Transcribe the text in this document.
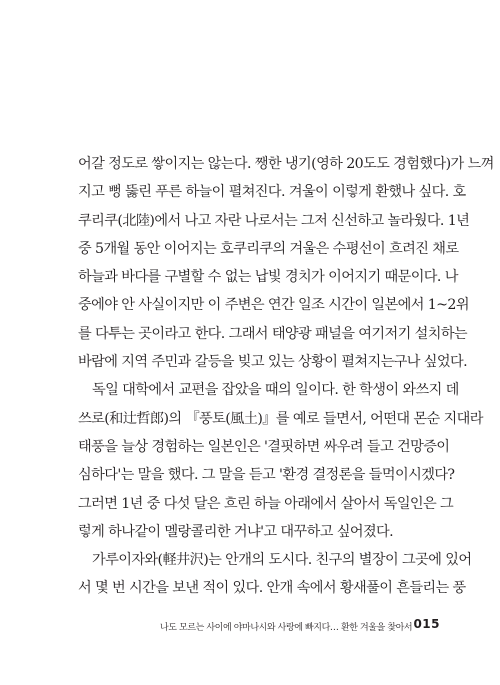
어갈 정도로 쌓이지는 않는다. 쨍한 냉기(영하 20도도 경험했다)가 느껴
지고 뻥 뚫린 푸른 하늘이 펼쳐진다. 겨울이 이렇게 환했나 싶다. 호
쿠리쿠(北陸)에서 나고 자란 나로서는 그저 신선하고 놀라웠다. 1년
중 5개월 동안 이어지는 호쿠리쿠의 겨울은 수평선이 흐려진 채로
하늘과 바다를 구별할 수 없는 납빛 경치가 이어지기 때문이다. 나
중에야 안 사실이지만 이 주변은 연간 일조 시간이 일본에서 1~2위
를 다투는 곳이라고 한다. 그래서 태양광 패널을 여기저기 설치하는
바람에 지역 주민과 갈등을 빚고 있는 상황이 펼쳐지는구나 싶었다.
독일 대학에서 교편을 잡았을 때의 일이다. 한 학생이 와쓰지 데
쓰로(和辻哲郎)의 『풍토(風土)』를 예로 들면서, 어떤대 몬순 지대라
태풍을 늘상 경험하는 일본인은 '결핏하면 싸우려 들고 건망증이
심하다'는 말을 했다. 그 말을 듣고 '환경 결정론을 들먹이시겠다?
그러면 1년 중 다섯 달은 흐린 하늘 아래에서 살아서 독일인은 그
렇게 하나같이 멜랑콜리한 거냐'고 대꾸하고 싶어졌다.
가루이자와(軽井沢)는 안개의 도시다. 친구의 별장이 그곳에 있어
서 몇 번 시간을 보낸 적이 있다. 안개 속에서 황새풀이 흔들리는 풍
나도 모르는 사이에 야마나시와 사랑에 빠지다… 환한 겨울을 찾아서 015
